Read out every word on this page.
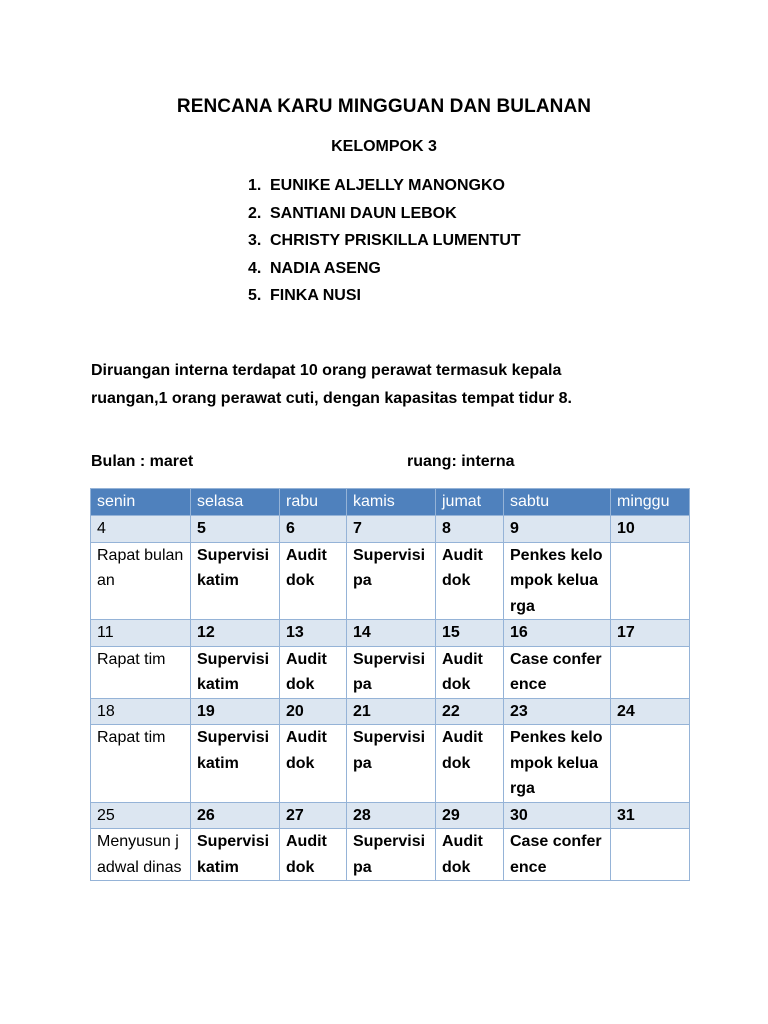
RENCANA KARU MINGGUAN DAN BULANAN
KELOMPOK 3
1. EUNIKE ALJELLY MANONGKO
2. SANTIANI DAUN LEBOK
3. CHRISTY PRISKILLA LUMENTUT
4. NADIA ASENG
5. FINKA NUSI
Diruangan interna terdapat 10 orang perawat termasuk kepala
ruangan,1 orang perawat cuti, dengan kapasitas tempat tidur 8.
Bulan : maret	ruang: interna
senin	selasa	rabu	kamis	jumat	sabtu	minggu
4	5	6	7	8	9	10
Rapat bulanan	Supervisi katim	Audit dok	Supervisi pa	Audit dok	Penkes kelompok keluarga	
11	12	13	14	15	16	17
Rapat tim	Supervisi katim	Audit dok	Supervisi pa	Audit dok	Case conference	
18	19	20	21	22	23	24
Rapat tim	Supervisi katim	Audit dok	Supervisi pa	Audit dok	Penkes kelompok keluarga	
25	26	27	28	29	30	31
Menyusun jadwal dinas	Supervisi katim	Audit dok	Supervisi pa	Audit dok	Case conference	
